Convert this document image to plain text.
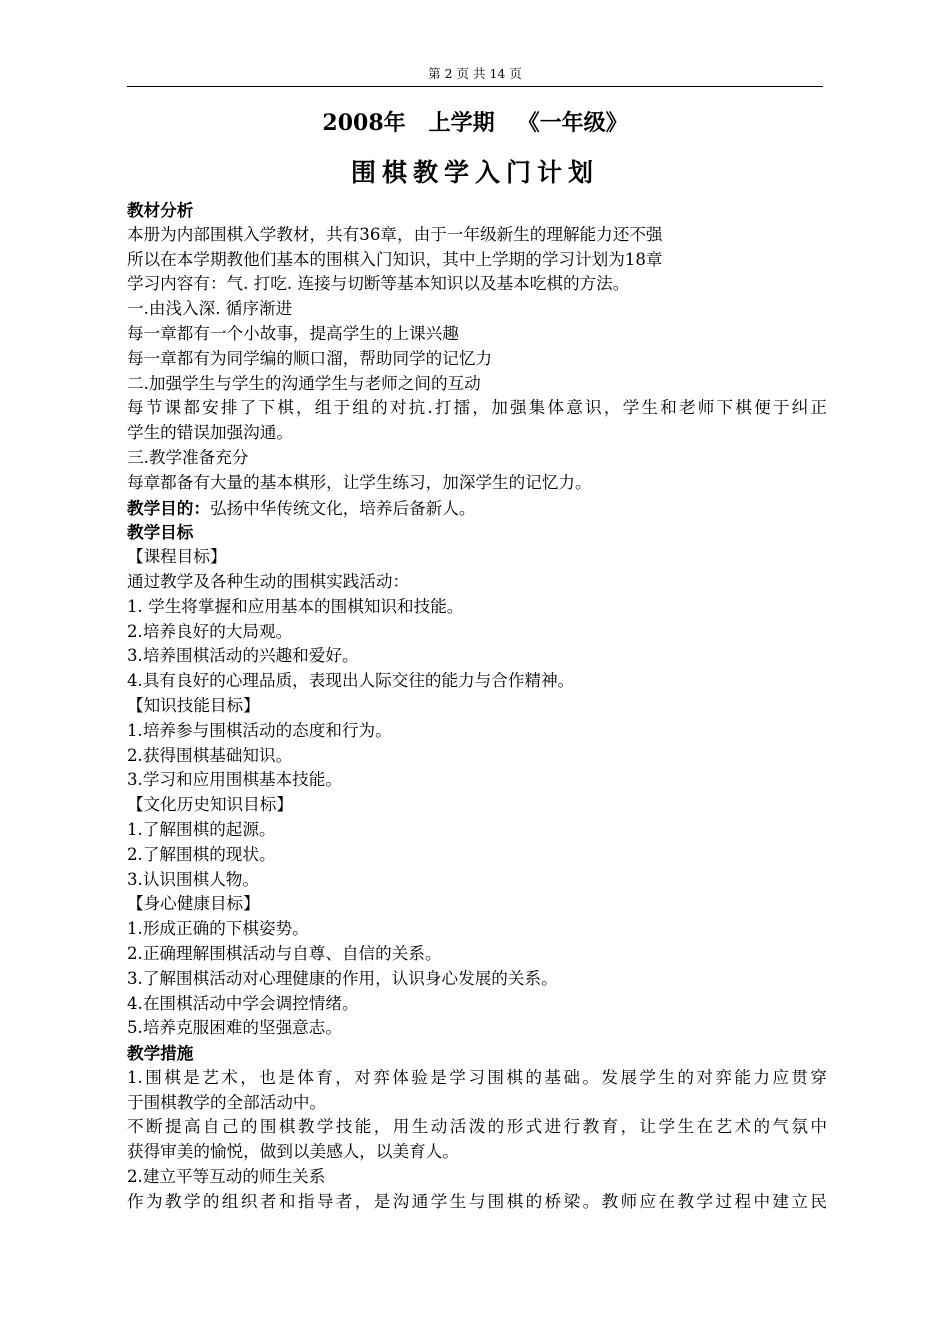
第 2 页 共 14 页
2008年   上学期   《一年级》
围棋教学入门计划
教材分析
本册为内部围棋入学教材，共有36章，由于一年级新生的理解能力还不强
所以在本学期教他们基本的围棋入门知识，其中上学期的学习计划为18章
学习内容有：气. 打吃. 连接与切断等基本知识以及基本吃棋的方法。
一.由浅入深. 循序渐进
每一章都有一个小故事，提高学生的上课兴趣
每一章都有为同学编的顺口溜，帮助同学的记忆力
二.加强学生与学生的沟通学生与老师之间的互动
每节课都安排了下棋，组于组的对抗.打擂，加强集体意识，学生和老师下棋便于纠正
学生的错误加强沟通。
三.教学准备充分
每章都备有大量的基本棋形，让学生练习，加深学生的记忆力。
教学目的：弘扬中华传统文化，培养后备新人。
教学目标
【课程目标】
通过教学及各种生动的围棋实践活动：
1. 学生将掌握和应用基本的围棋知识和技能。
2.培养良好的大局观。
3.培养围棋活动的兴趣和爱好。
4.具有良好的心理品质，表现出人际交往的能力与合作精神。
【知识技能目标】
1.培养参与围棋活动的态度和行为。
2.获得围棋基础知识。
3.学习和应用围棋基本技能。
【文化历史知识目标】
1.了解围棋的起源。
2.了解围棋的现状。
3.认识围棋人物。
【身心健康目标】
1.形成正确的下棋姿势。
2.正确理解围棋活动与自尊、自信的关系。
3.了解围棋活动对心理健康的作用，认识身心发展的关系。
4.在围棋活动中学会调控情绪。
5.培养克服困难的坚强意志。
教学措施
1.围棋是艺术，也是体育，对弈体验是学习围棋的基础。发展学生的对弈能力应贯穿
于围棋教学的全部活动中。
不断提高自己的围棋教学技能，用生动活泼的形式进行教育，让学生在艺术的气氛中
获得审美的愉悦，做到以美感人，以美育人。
2.建立平等互动的师生关系
作为教学的组织者和指导者，是沟通学生与围棋的桥梁。教师应在教学过程中建立民
